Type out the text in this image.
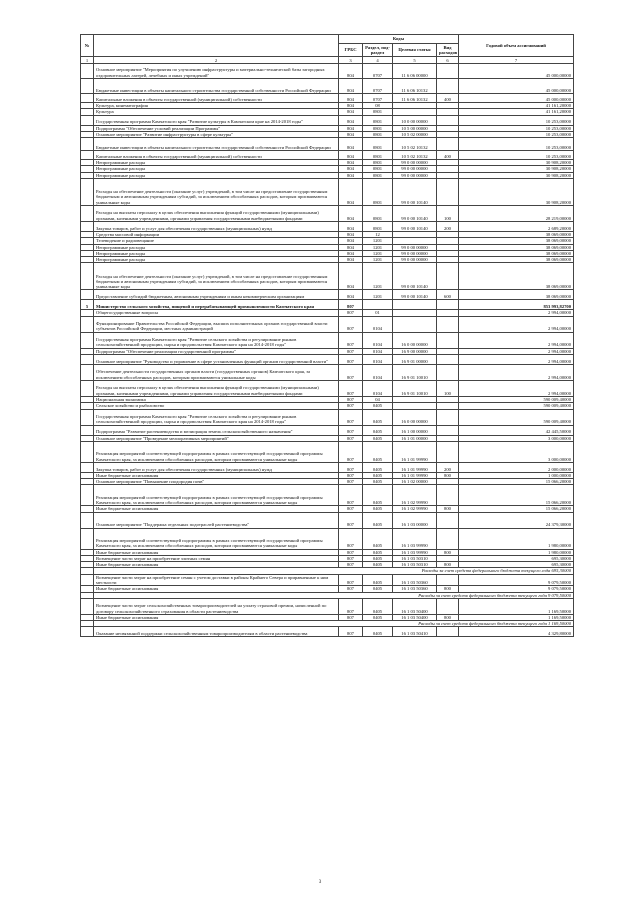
№		Коды				Годовой объем ассигнований
		ГРБС	Раздел, под-раздел	Целевая статья	Вид расходов	
1	2	3	4	5	6	7
	Основное мероприятие "Мероприятия по улучшению инфраструктуры и материально-технической базы загородных оздоровительных лагерей, лечебных и иных учреждений"	804	0707	11 6 06 00000		45 000,00000
	Бюджетные инвестиции в объекты капитального строительства государственной собственности Российской Федерации	804	0707	11 6 06 10132		45 000,00000
	Капитальные вложения в объекты государственной (муниципальной) собственности	804	0707	11 6 06 10132	400	45 000,00000
	Культура, кинематография	804	08			41 161,20000
	Культура	804	0801			41 161,20000
	Государственная программа Камчатского края "Развитие культуры в Камчатском крае на 2014-2018 годы"	804	0801	10 0 00 00000		10 253,00000
	Подпрограмма "Обеспечение условий реализации Программы"	804	0801	10 5 00 00000		10 253,00000
	Основное мероприятие "Развитие инфраструктуры в сфере культуры"	804	0801	10 5 02 00000		10 253,00000
	Бюджетные инвестиции в объекты капитального строительства государственной собственности Российской Федерации	804	0801	10 5 02 10132		10 253,00000
	Капитальные вложения в объекты государственной (муниципальной) собственности	804	0801	10 5 02 10132	400	10 253,00000
	Непрограммные расходы	804	0801	99 0 00 00000		30 908,20000
	Непрограммные расходы	804	0801	99 0 00 00000		30 908,20000
	Непрограммные расходы	804	0801	99 0 00 00000		30 908,20000
	Расходы на обеспечение деятельности (оказание услуг) учреждений, в том числе на предоставление государственным бюджетным и автономным учреждениям субсидий, за исключением обособленных расходов, которым присваиваются уникальные коды	804	0801	99 0 00 10140		30 908,20000
	Расходы на выплаты персоналу в целях обеспечения выполнения функций государственными (муниципальными) органами, казенными учреждениями, органами управления государственными внебюджетными фондами	804	0801	99 0 00 10140	100	28 219,00000
	Закупка товаров, работ и услуг для обеспечения государственных (муниципальных) нужд	804	0801	99 0 00 10140	200	2 689,20000
	Средства массовой информации	804	12			38 069,00000
	Телевидение и радиовещание	804	1201			38 069,00000
	Непрограммные расходы	804	1201	99 0 00 00000		38 069,00000
	Непрограммные расходы	804	1201	99 0 00 00000		38 069,00000
	Непрограммные расходы	804	1201	99 0 00 00000		38 069,00000
	Расходы на обеспечение деятельности (оказание услуг) учреждений, в том числе на предоставление государственным бюджетным и автономным учреждениям субсидий, за исключением обособленных расходов, которым присваиваются уникальные коды	804	1201	99 0 00 10140		38 069,00000
	Предоставление субсидий бюджетным, автономным учреждениям и иным некоммерческим организациям	804	1201	99 0 00 10140	600	38 069,00000
5	Министерство сельского хозяйства, пищевой и перерабатывающей промышленности Камчатского края	807				853 993,82700
	Общегосударственные вопросы	807	01			2 994,00000
	Функционирование Правительства Российской Федерации, высших исполнительных органов государственной власти субъектов Российской Федерации, местных администраций	807	0104			2 994,00000
	Государственная программа Камчатского края "Развитие сельского хозяйства и регулирование рынков сельскохозяйственной продукции, сырья и продовольствия Камчатского края на 2014-2018 годы"	807	0104	16 0 00 00000		2 994,00000
	Подпрограмма "Обеспечение реализации государственной программы"	807	0104	16 9 00 00000		2 994,00000
	Основное мероприятие "Руководство и управление в сфере установленных функций органов государственной власти"	807	0104	16 9 01 00000		2 994,00000
	Обеспечение деятельности государственных органов власти (государственных органов) Камчатского края, за исключением обособленных расходов, которым присваиваются уникальные коды	807	0104	16 9 01 10010		2 994,00000
	Расходы на выплаты персоналу в целях обеспечения выполнения функций государственными (муниципальными) органами, казенными учреждениями, органами управления государственными внебюджетными фондами	807	0104	16 9 01 10010	100	2 994,00000
	Национальная экономика	807	04			590 009,40000
	Сельское хозяйство и рыболовство	807	0405			590 009,40000
	Государственная программа Камчатского края "Развитие сельского хозяйства и регулирование рынков сельскохозяйственной продукции, сырья и продовольствия Камчатского края на 2014-2018 годы"	807	0405	16 0 00 00000		590 009,40000
	Подпрограмма "Развитие растениеводства и мелиорация земель сельскохозяйственного назначения"	807	0405	16 1 00 00000		42 445,50000
	Основное мероприятие "Проведение мелиоративных мероприятий"	807	0405	16 1 01 00000		3 000,00000
	Реализация мероприятий соответствующей подпрограммы в рамках соответствующей государственной программы Камчатского края, за исключением обособленных расходов, которым присваиваются уникальные коды	807	0405	16 1 01 99990		3 000,00000
	Закупка товаров, работ и услуг для обеспечения государственных (муниципальных) нужд	807	0405	16 1 01 99990	200	2 000,00000
	Иные бюджетные ассигнования	807	0405	16 1 01 99990	800	1 000,00000
	Основное мероприятие "Повышение плодородия почв"	807	0405	16 1 02 00000		15 066,20000
	Реализация мероприятий соответствующей подпрограммы в рамках соответствующей государственной программы Камчатского края, за исключением обособленных расходов, которым присваиваются уникальные коды	807	0405	16 1 02 99990		15 066,20000
	Иные бюджетные ассигнования	807	0405	16 1 02 99990	800	15 066,20000
	Основное мероприятие "Поддержка отдельных подотраслей растениеводства"	807	0405	16 1 03 00000		24 379,30000
	Реализация мероприятий соответствующей подпрограммы в рамках соответствующей государственной программы Камчатского края, за исключением обособленных расходов, которым присваиваются уникальные коды	807	0405	16 1 03 99990		1 980,00000
	Иные бюджетные ассигнования	807	0405	16 1 03 99990	800	1 980,00000
	Возмещение части затрат на приобретение элитных семян	807	0405	16 1 03 50310		695,30000
	Иные бюджетные ассигнования	807	0405	16 1 03 50310	800	695,30000
	Расходы за счет средств федерального бюджета текущего года 695,30000					
	Возмещение части затрат на приобретение семян с учетом доставки в районы Крайнего Севера и приравненные к ним местности	807	0405	16 1 03 50360		9 079,50000
	Иные бюджетные ассигнования	807	0405	16 1 03 50360	800	9 079,50000
	Расходы за счет средств федерального бюджета текущего года 9 079,50000					
	Возмещение части затрат сельскохозяйственных товаропроизводителей на уплату страховой премии, начисленной по договору сельскохозяйственного страхования в области растениеводства	807	0405	16 1 03 50400		1 169,50000
	Иные бюджетные ассигнования	807	0405	16 1 03 50400	800	1 169,50000
	Расходы за счет средств федерального бюджета текущего года 1 169,50000					
	Оказание несвязанной поддержки сельскохозяйственным товаропроизводителям в области растениеводства	807	0405	16 1 03 50410		4 329,80000
3
